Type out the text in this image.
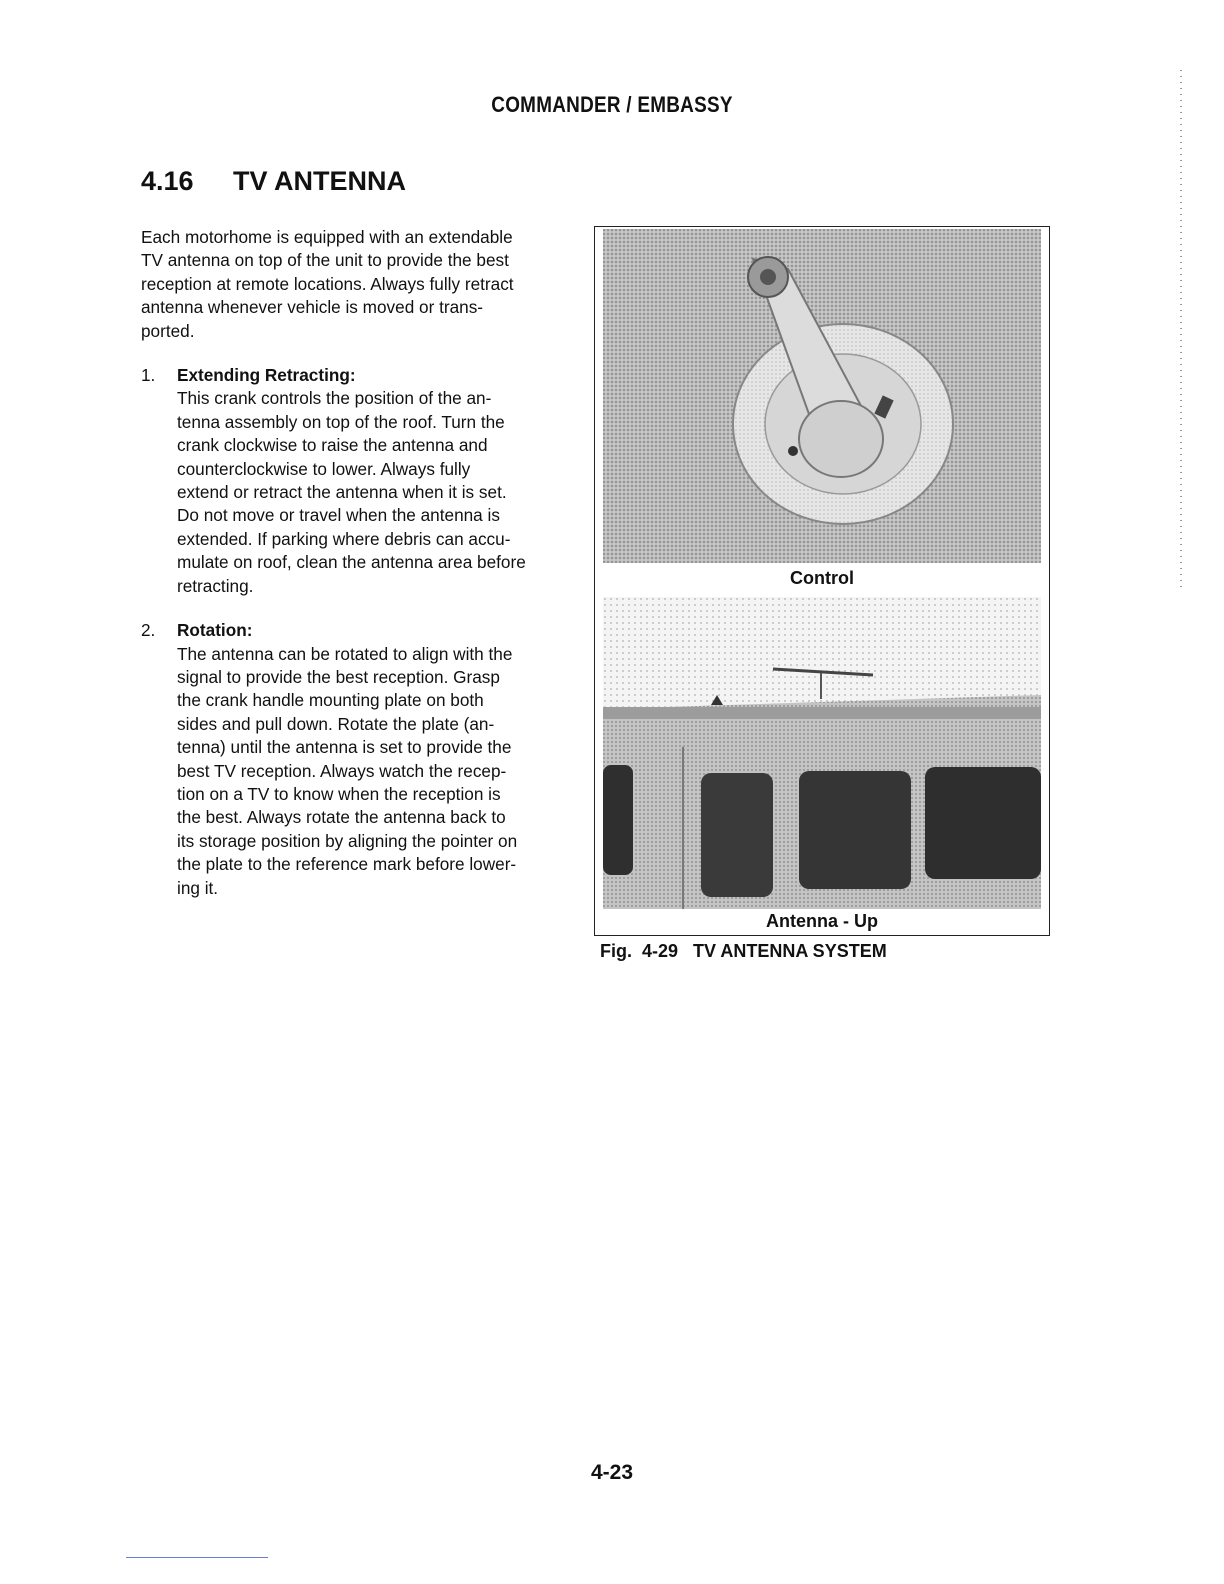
COMMANDER / EMBASSY
4.16 TV ANTENNA

Each motorhome is equipped with an extendable
TV antenna on top of the unit to provide the best
reception at remote locations. Always fully retract
antenna whenever vehicle is moved or trans-
ported.

1. Extending Retracting:
This crank controls the position of the an-
tenna assembly on top of the roof. Turn the
crank clockwise to raise the antenna and
counterclockwise to lower. Always fully
extend or retract the antenna when it is set.
Do not move or travel when the antenna is
extended. If parking where debris can accu-
mulate on roof, clean the antenna area before
retracting.
2. Rotation:
The antenna can be rotated to align with the
signal to provide the best reception. Grasp
the crank handle mounting plate on both
sides and pull down. Rotate the plate (an-
tenna) until the antenna is set to provide the
best TV reception. Always watch the recep-
tion on a TV to know when the reception is
the best. Always rotate the antenna back to
its storage position by aligning the pointer on
the plate to the reference mark before lower-
ing it.
Control
Antenna - Up
Fig.  4-29   TV ANTENNA SYSTEM
4-23
